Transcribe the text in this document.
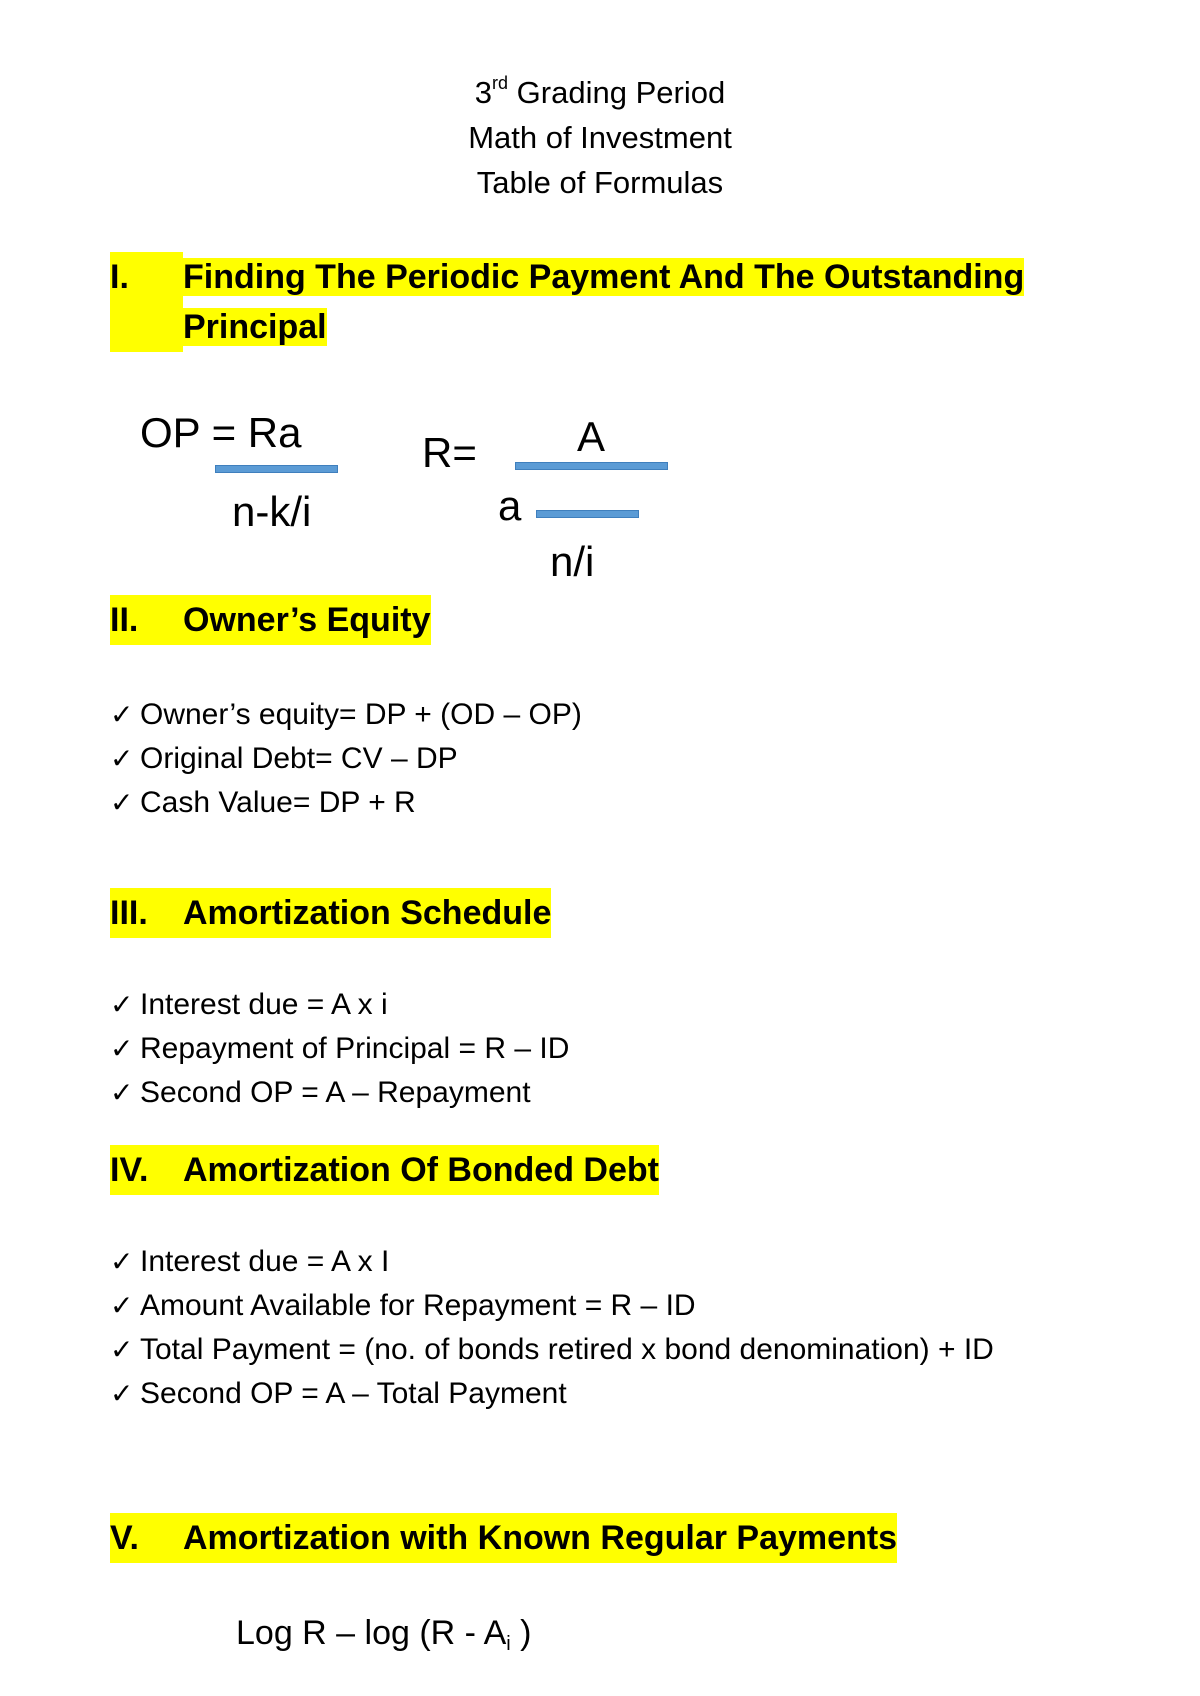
3rd Grading Period
Math of Investment
Table of Formulas
I.	Finding The Periodic Payment And The Outstanding Principal
OP = Ra
n-k/i
R= A
a
n/i
II.	Owner’s Equity
✓ Owner’s equity= DP + (OD – OP)
✓ Original Debt= CV – DP
✓ Cash Value= DP + R
III.	Amortization Schedule
✓ Interest due = A x i
✓ Repayment of Principal = R – ID
✓ Second OP = A – Repayment
IV.	Amortization Of Bonded Debt
✓ Interest due = A x I
✓ Amount Available for Repayment = R – ID
✓ Total Payment = (no. of bonds retired x bond denomination) + ID
✓ Second OP = A – Total Payment
V.	Amortization with Known Regular Payments
Log R – $\log (R - A_i$ )
